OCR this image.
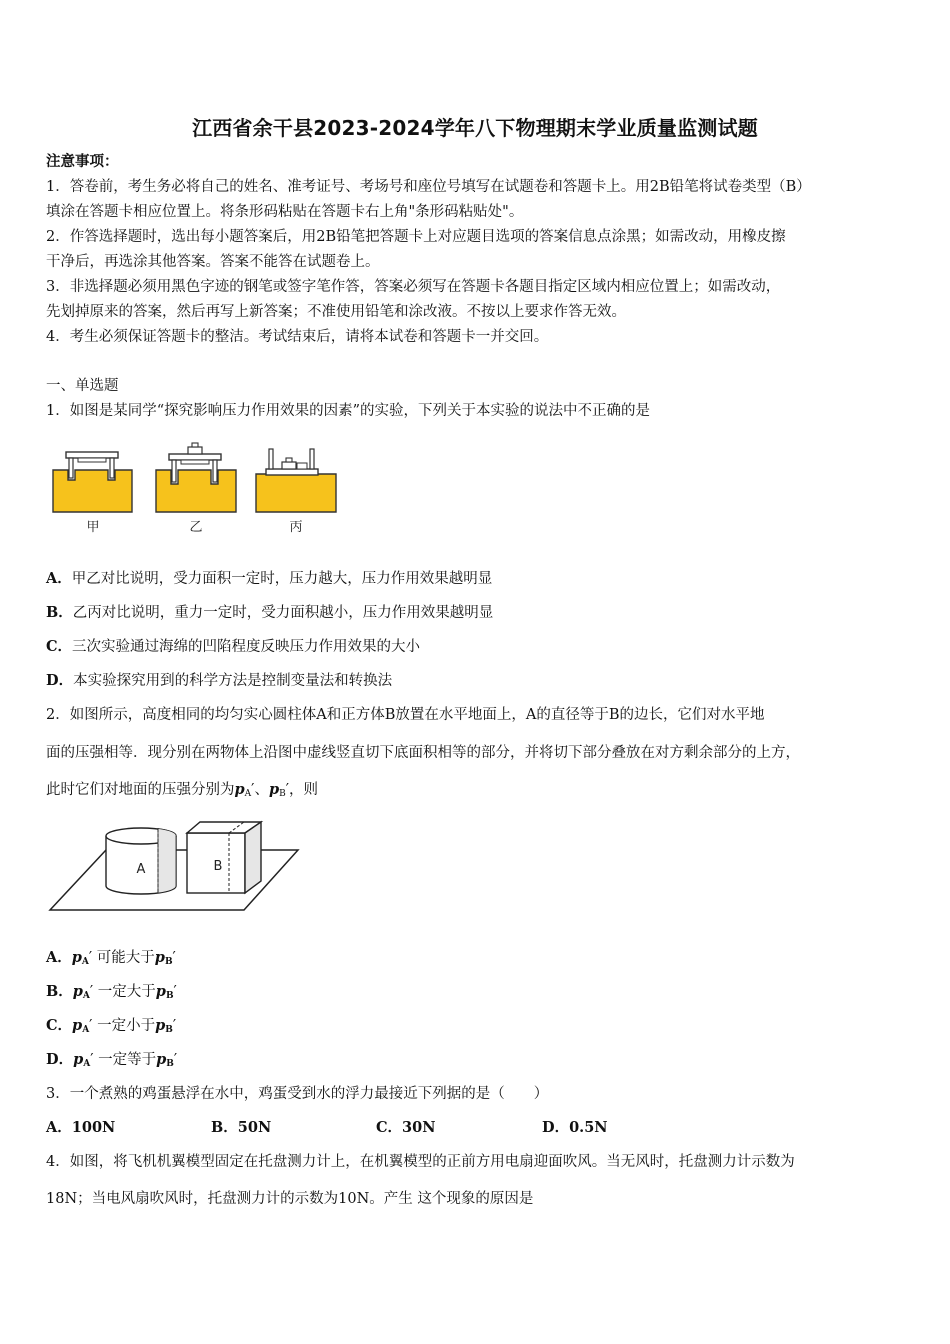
江西省余干县2023-2024学年八下物理期末学业质量监测试题
注意事项：
1．答卷前，考生务必将自己的姓名、准考证号、考场号和座位号填写在试题卷和答题卡上。用2B铅笔将试卷类型（B）
填涂在答题卡相应位置上。将条形码粘贴在答题卡右上角"条形码粘贴处"。
2．作答选择题时，选出每小题答案后，用2B铅笔把答题卡上对应题目选项的答案信息点涂黑；如需改动，用橡皮擦
干净后，再选涂其他答案。答案不能答在试题卷上。
3．非选择题必须用黑色字迹的钢笔或签字笔作答，答案必须写在答题卡各题目指定区域内相应位置上；如需改动，
先划掉原来的答案，然后再写上新答案；不准使用铅笔和涂改液。不按以上要求作答无效。
4．考生必须保证答题卡的整洁。考试结束后，请将本试卷和答题卡一并交回。
一、单选题
1．如图是某同学“探究影响压力作用效果的因素”的实验，下列关于本实验的说法中不正确的是
甲	乙	丙
A．甲乙对比说明，受力面积一定时，压力越大，压力作用效果越明显
B．乙丙对比说明，重力一定时，受力面积越小，压力作用效果越明显
C．三次实验通过海绵的凹陷程度反映压力作用效果的大小
D．本实验探究用到的科学方法是控制变量法和转换法
2．如图所示，高度相同的均匀实心圆柱体A和正方体B放置在水平地面上，A的直径等于B的边长，它们对水平地
面的压强相等．现分别在两物体上沿图中虚线竖直切下底面积相等的部分，并将切下部分叠放在对方剩余部分的上方，
此时它们对地面的压强分别为$p_A'$、$p_B'$，则
A	B
A．$p_A'$ 可能大于$p_B'$
B．$p_A'$ 一定大于$p_B'$
C．$p_A'$ 一定小于$p_B'$
D．$p_A'$ 一定等于$p_B'$
3．一个煮熟的鸡蛋悬浮在水中，鸡蛋受到水的浮力最接近下列据的是（　　）
A．100N	B．50N	C．30N	D．0.5N
4．如图，将飞机机翼模型固定在托盘测力计上，在机翼模型的正前方用电扇迎面吹风。当无风时，托盘测力计示数为
18N；当电风扇吹风时，托盘测力计的示数为10N。产生 这个现象的原因是
